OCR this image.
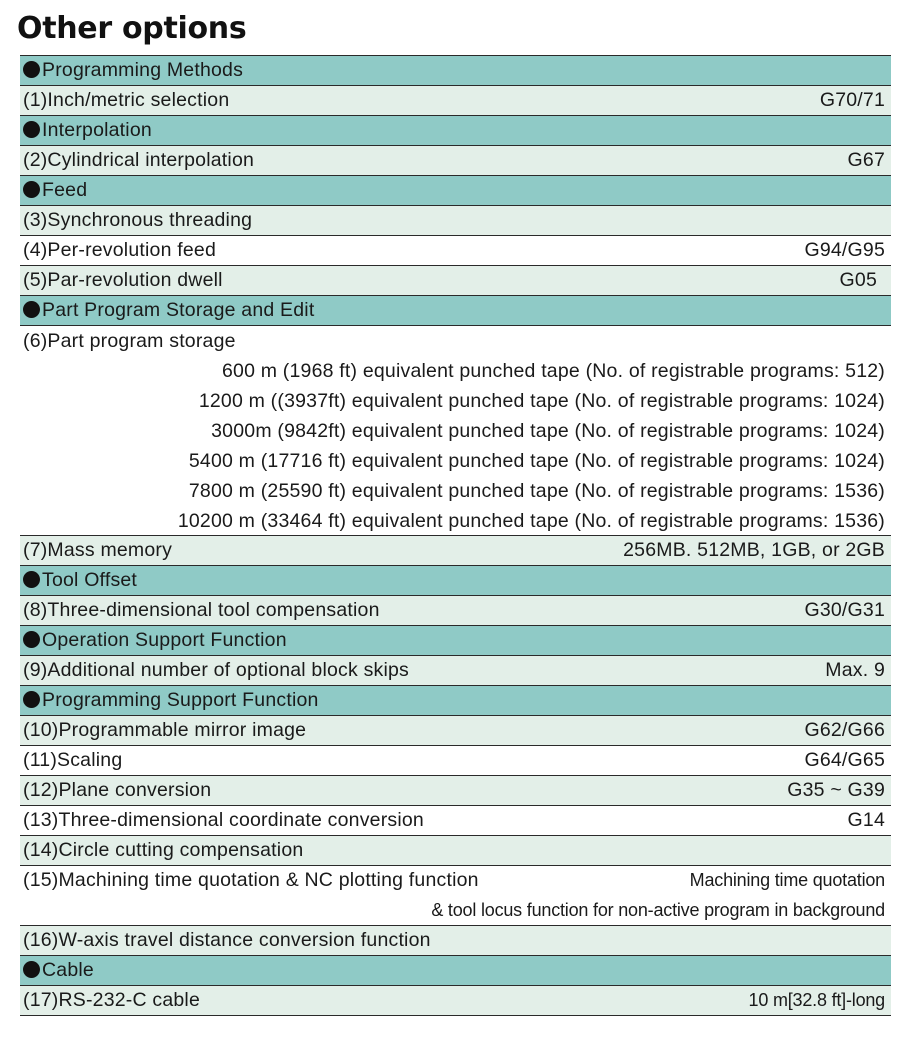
Other options
Programming Methods
(1)Inch/metric selection	G70/71
Interpolation
(2)Cylindrical interpolation	G67
Feed
(3)Synchronous threading
(4)Per-revolution feed	G94/G95
(5)Par-revolution dwell	G05
Part Program Storage and Edit
(6)Part program storage
600 m (1968 ft) equivalent punched tape (No. of registrable programs: 512)
1200 m ((3937ft) equivalent punched tape (No. of registrable programs: 1024)
3000m (9842ft) equivalent punched tape (No. of registrable programs: 1024)
5400 m (17716 ft) equivalent punched tape (No. of registrable programs: 1024)
7800 m (25590 ft) equivalent punched tape (No. of registrable programs: 1536)
10200 m (33464 ft) equivalent punched tape (No. of registrable programs: 1536)
(7)Mass memory	256MB. 512MB, 1GB, or 2GB
Tool Offset
(8)Three-dimensional tool compensation	G30/G31
Operation Support Function
(9)Additional number of optional block skips	Max. 9
Programming Support Function
(10)Programmable mirror image	G62/G66
(11)Scaling	G64/G65
(12)Plane conversion	G35 ~ G39
(13)Three-dimensional coordinate conversion	G14
(14)Circle cutting compensation
(15)Machining time quotation & NC plotting function	Machining time quotation
& tool locus function for non-active program in background
(16)W-axis travel distance conversion function
Cable
(17)RS-232-C cable	10 m[32.8 ft]-long
